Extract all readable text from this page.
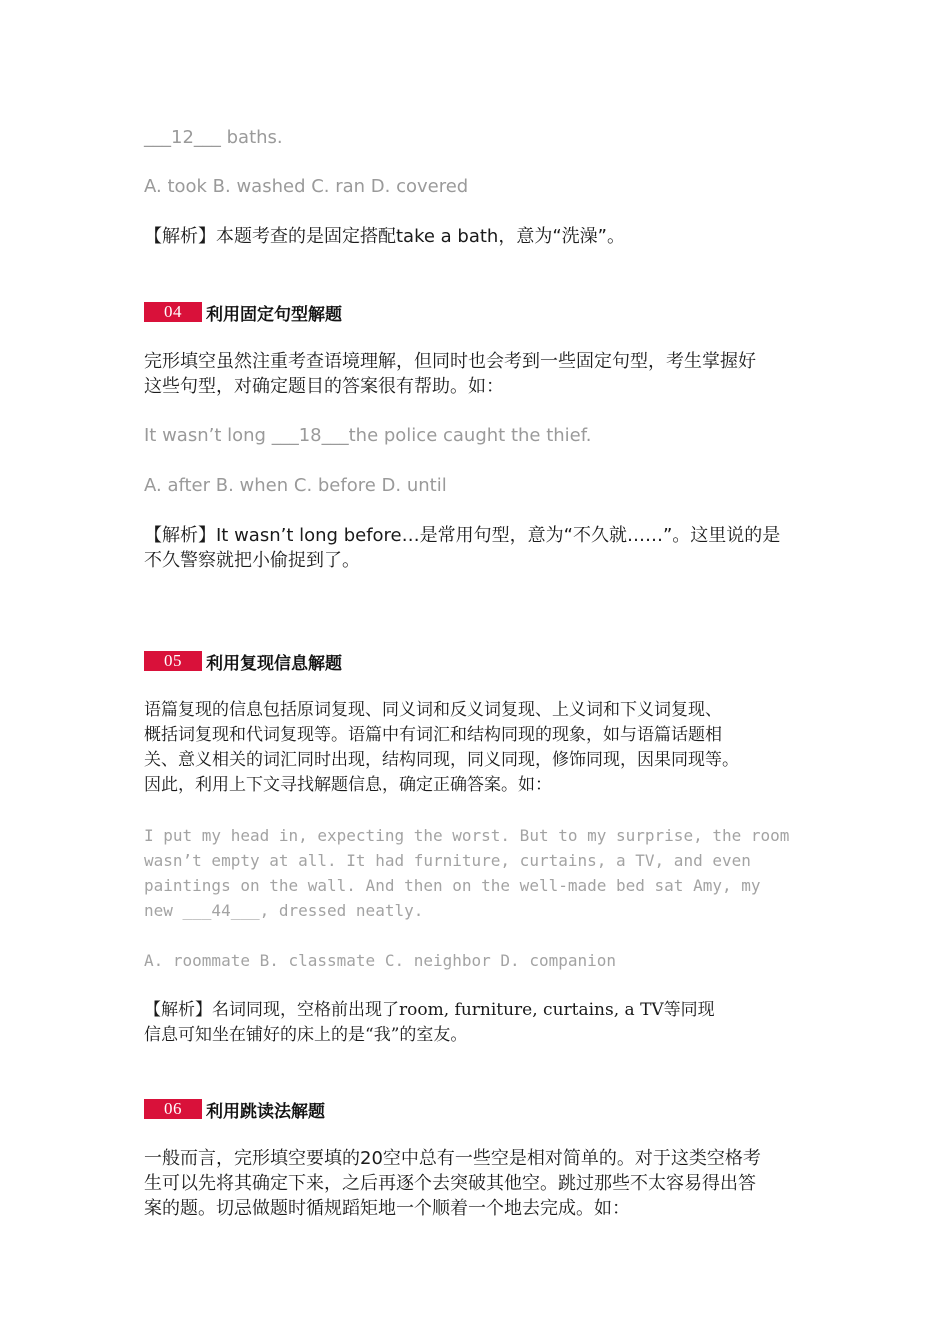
___12___ baths.

A. took B. washed C. ran D. covered

【解析】本题考查的是固定搭配take a bath，意为“洗澡”。

04 利用固定句型解题
完形填空虽然注重考查语境理解，但同时也会考到一些固定句型，考生掌握好
这些句型，对确定题目的答案很有帮助。如：

It wasn’t long ___18___the police caught the thief.

A. after B. when C. before D. until

【解析】It wasn’t long before…是常用句型，意为“不久就……”。这里说的是
不久警察就把小偷捉到了。
05 利用复现信息解题
语篇复现的信息包括原词复现、同义词和反义词复现、上义词和下义词复现、
概括词复现和代词复现等。语篇中有词汇和结构同现的现象，如与语篇话题相
关、意义相关的词汇同时出现，结构同现，同义同现，修饰同现，因果同现等。
因此，利用上下文寻找解题信息，确定正确答案。如：
I put my head in, expecting the worst. But to my surprise, the room
wasn’t empty at all. It had furniture, curtains, a TV, and even
paintings on the wall. And then on the well-made bed sat Amy, my
new ___44___, dressed neatly.

A. roommate B. classmate C. neighbor D. companion

【解析】名词同现，空格前出现了room, furniture, curtains, a TV等同现
信息可知坐在铺好的床上的是“我”的室友。
06 利用跳读法解题
一般而言，完形填空要填的20空中总有一些空是相对简单的。对于这类空格考
生可以先将其确定下来，之后再逐个去突破其他空。跳过那些不太容易得出答
案的题。切忌做题时循规蹈矩地一个顺着一个地去完成。如：
